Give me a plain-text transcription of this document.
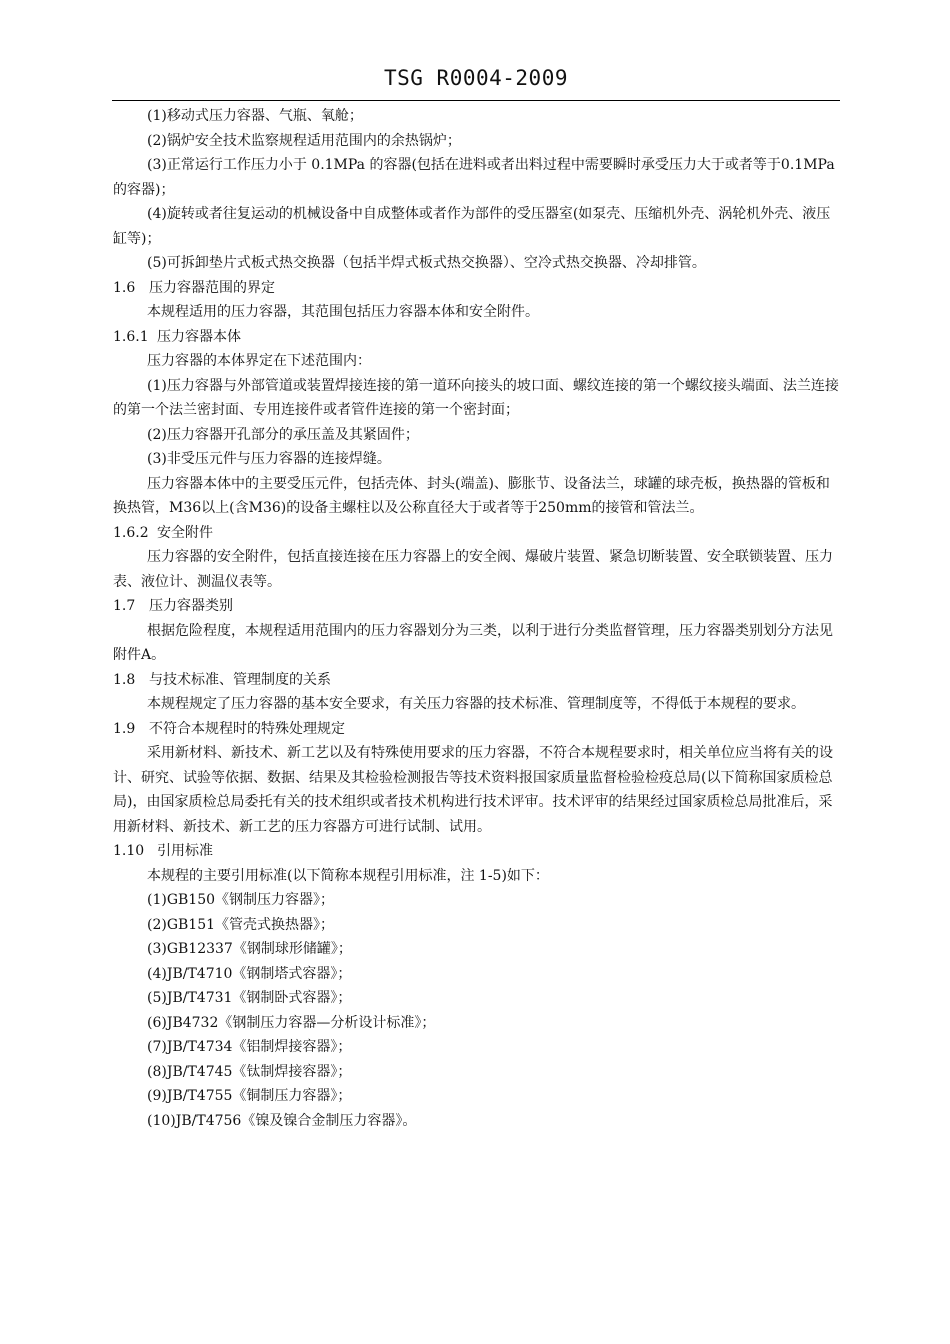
TSG R0004-2009

(1)移动式压力容器、气瓶、氧舱；

(2)锅炉安全技术监察规程适用范围内的余热锅炉；

(3)正常运行工作压力小于 0.1MPa 的容器(包括在进料或者出料过程中需要瞬时承受压力大于或者等于0.1MPa的容器)；

(4)旋转或者往复运动的机械设备中自成整体或者作为部件的受压器室(如泵壳、压缩机外壳、涡轮机外壳、液压缸等)；

(5)可拆卸垫片式板式热交换器（包括半焊式板式热交换器）、空冷式热交换器、冷却排管。

1.6 压力容器范围的界定

本规程适用的压力容器，其范围包括压力容器本体和安全附件。

1.6.1 压力容器本体

压力容器的本体界定在下述范围内：

(1)压力容器与外部管道或装置焊接连接的第一道环向接头的坡口面、螺纹连接的第一个螺纹接头端面、法兰连接的第一个法兰密封面、专用连接件或者管件连接的第一个密封面；

(2)压力容器开孔部分的承压盖及其紧固件；

(3)非受压元件与压力容器的连接焊缝。

压力容器本体中的主要受压元件，包括壳体、封头(端盖)、膨胀节、设备法兰，球罐的球壳板，换热器的管板和换热管，M36以上(含M36)的设备主螺柱以及公称直径大于或者等于250mm的接管和管法兰。

1.6.2 安全附件

压力容器的安全附件，包括直接连接在压力容器上的安全阀、爆破片装置、紧急切断装置、安全联锁装置、压力表、液位计、测温仪表等。

1.7 压力容器类别

根据危险程度，本规程适用范围内的压力容器划分为三类，以利于进行分类监督管理，压力容器类别划分方法见附件A。

1.8 与技术标准、管理制度的关系

本规程规定了压力容器的基本安全要求，有关压力容器的技术标准、管理制度等，不得低于本规程的要求。

1.9 不符合本规程时的特殊处理规定

采用新材料、新技术、新工艺以及有特殊使用要求的压力容器，不符合本规程要求时，相关单位应当将有关的设计、研究、试验等依据、数据、结果及其检验检测报告等技术资料报国家质量监督检验检疫总局(以下简称国家质检总局)，由国家质检总局委托有关的技术组织或者技术机构进行技术评审。技术评审的结果经过国家质检总局批准后，采用新材料、新技术、新工艺的压力容器方可进行试制、试用。

1.10 引用标准

本规程的主要引用标准(以下简称本规程引用标准，注 1-5)如下：

(1)GB150《钢制压力容器》；

(2)GB151《管壳式换热器》；

(3)GB12337《钢制球形储罐》；

(4)JB/T4710《钢制塔式容器》；

(5)JB/T4731《钢制卧式容器》；

(6)JB4732《钢制压力容器—分析设计标准》；

(7)JB/T4734《铝制焊接容器》；

(8)JB/T4745《钛制焊接容器》；

(9)JB/T4755《铜制压力容器》；

(10)JB/T4756《镍及镍合金制压力容器》。
